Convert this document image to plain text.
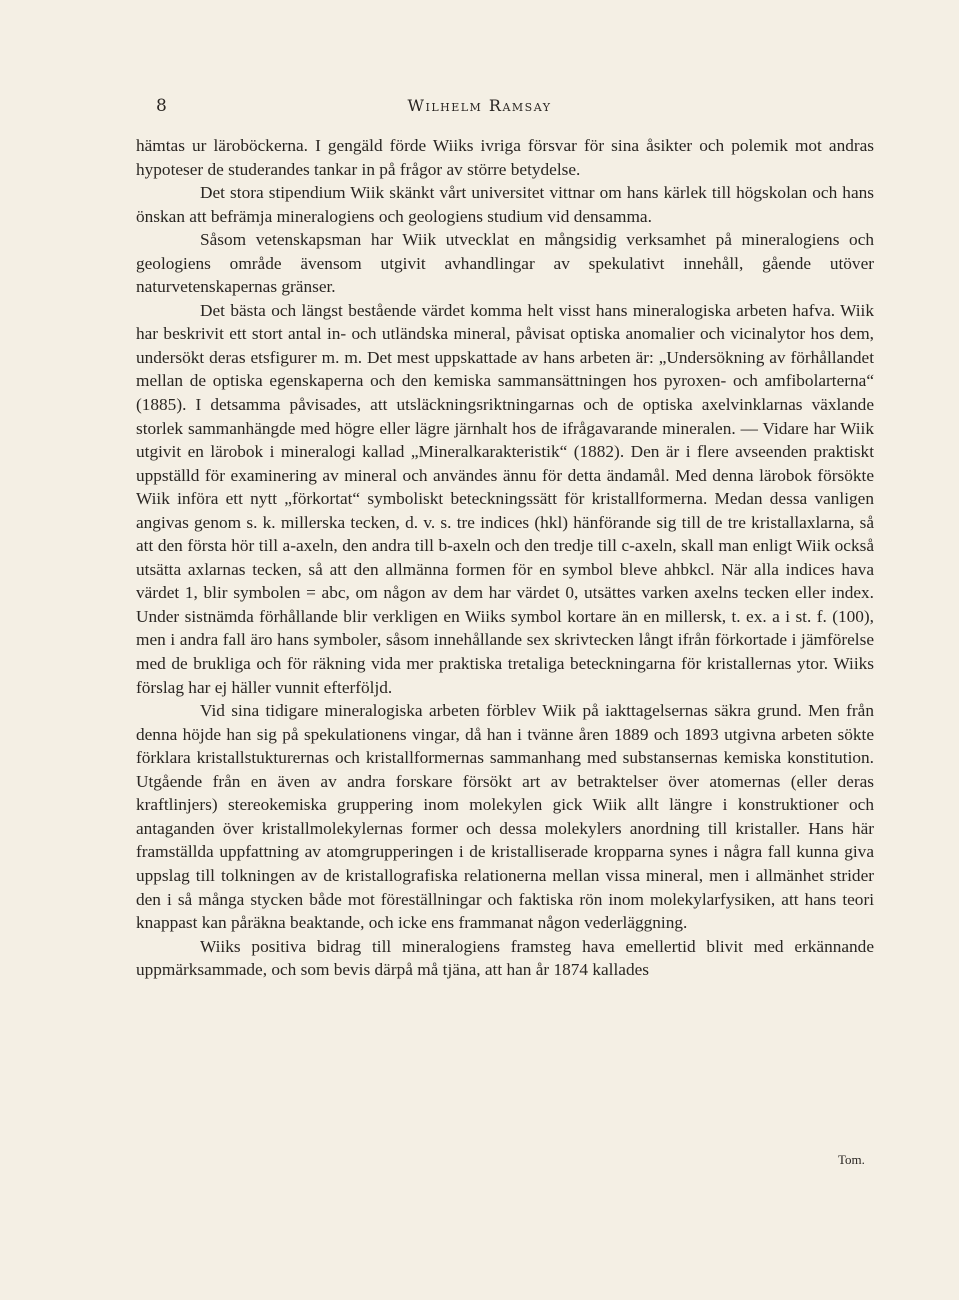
8	Wilhelm Ramsay

hämtas ur läroböckerna. I gengäld förde Wiiks ivriga försvar för sina åsikter och polemik mot andras hypoteser de studerandes tankar in på frågor av större betydelse.

Det stora stipendium Wiik skänkt vårt universitet vittnar om hans kärlek till högskolan och hans önskan att befrämja mineralogiens och geologiens studium vid densamma.

Såsom vetenskapsman har Wiik utvecklat en mångsidig verksamhet på mineralogiens och geologiens område ävensom utgivit avhandlingar av spekulativt innehåll, gående utöver naturvetenskapernas gränser.

Det bästa och längst bestående värdet komma helt visst hans mineralogiska arbeten hafva. Wiik har beskrivit ett stort antal in- och utländska mineral, påvisat optiska anomalier och vicinalytor hos dem, undersökt deras etsfigurer m. m. Det mest uppskattade av hans arbeten är: „Undersökning av förhållandet mellan de optiska egenskaperna och den kemiska sammansättningen hos pyroxen- och amfibolarterna“ (1885). I detsamma påvisades, att utsläckningsriktningarnas och de optiska axelvinklarnas växlande storlek sammanhängde med högre eller lägre järnhalt hos de ifrågavarande mineralen. — Vidare har Wiik utgivit en lärobok i mineralogi kallad „Mineralkarakteristik“ (1882). Den är i flere avseenden praktiskt uppställd för examinering av mineral och användes ännu för detta ändamål. Med denna lärobok försökte Wiik införa ett nytt „förkortat“ symboliskt beteckningssätt för kristallformerna. Medan dessa vanligen angivas genom s. k. millerska tecken, d. v. s. tre indices (hkl) hänförande sig till de tre kristallaxlarna, så att den första hör till a-axeln, den andra till b-axeln och den tredje till c-axeln, skall man enligt Wiik också utsätta axlarnas tecken, så att den allmänna formen för en symbol bleve ahbkcl. När alla indices hava värdet 1, blir symbolen = abc, om någon av dem har värdet 0, utsättes varken axelns tecken eller index. Under sistnämda förhållande blir verkligen en Wiiks symbol kortare än en millersk, t. ex. a i st. f. (100), men i andra fall äro hans symboler, såsom innehållande sex skrivtecken långt ifrån förkortade i jämförelse med de brukliga och för räkning vida mer praktiska tretaliga beteckningarna för kristallernas ytor. Wiiks förslag har ej häller vunnit efterföljd.

Vid sina tidigare mineralogiska arbeten förblev Wiik på iakttagelsernas säkra grund. Men från denna höjde han sig på spekulationens vingar, då han i tvänne åren 1889 och 1893 utgivna arbeten sökte förklara kristallstukturernas och kristallformernas sammanhang med substansernas kemiska konstitution. Utgående från en även av andra forskare försökt art av betraktelser över atomernas (eller deras kraftlinjers) stereokemiska gruppering inom molekylen gick Wiik allt längre i konstruktioner och antaganden över kristallmolekylernas former och dessa molekylers anordning till kristaller. Hans här framställda uppfattning av atomgrupperingen i de kristalliserade kropparna synes i några fall kunna giva uppslag till tolkningen av de kristallografiska relationerna mellan vissa mineral, men i allmänhet strider den i så många stycken både mot föreställningar och faktiska rön inom molekylarfysiken, att hans teori knappast kan påräkna beaktande, och icke ens frammanat någon vederläggning.

Wiiks positiva bidrag till mineralogiens framsteg hava emellertid blivit med erkännande uppmärksammade, och som bevis därpå må tjäna, att han år 1874 kallades

Tom.
